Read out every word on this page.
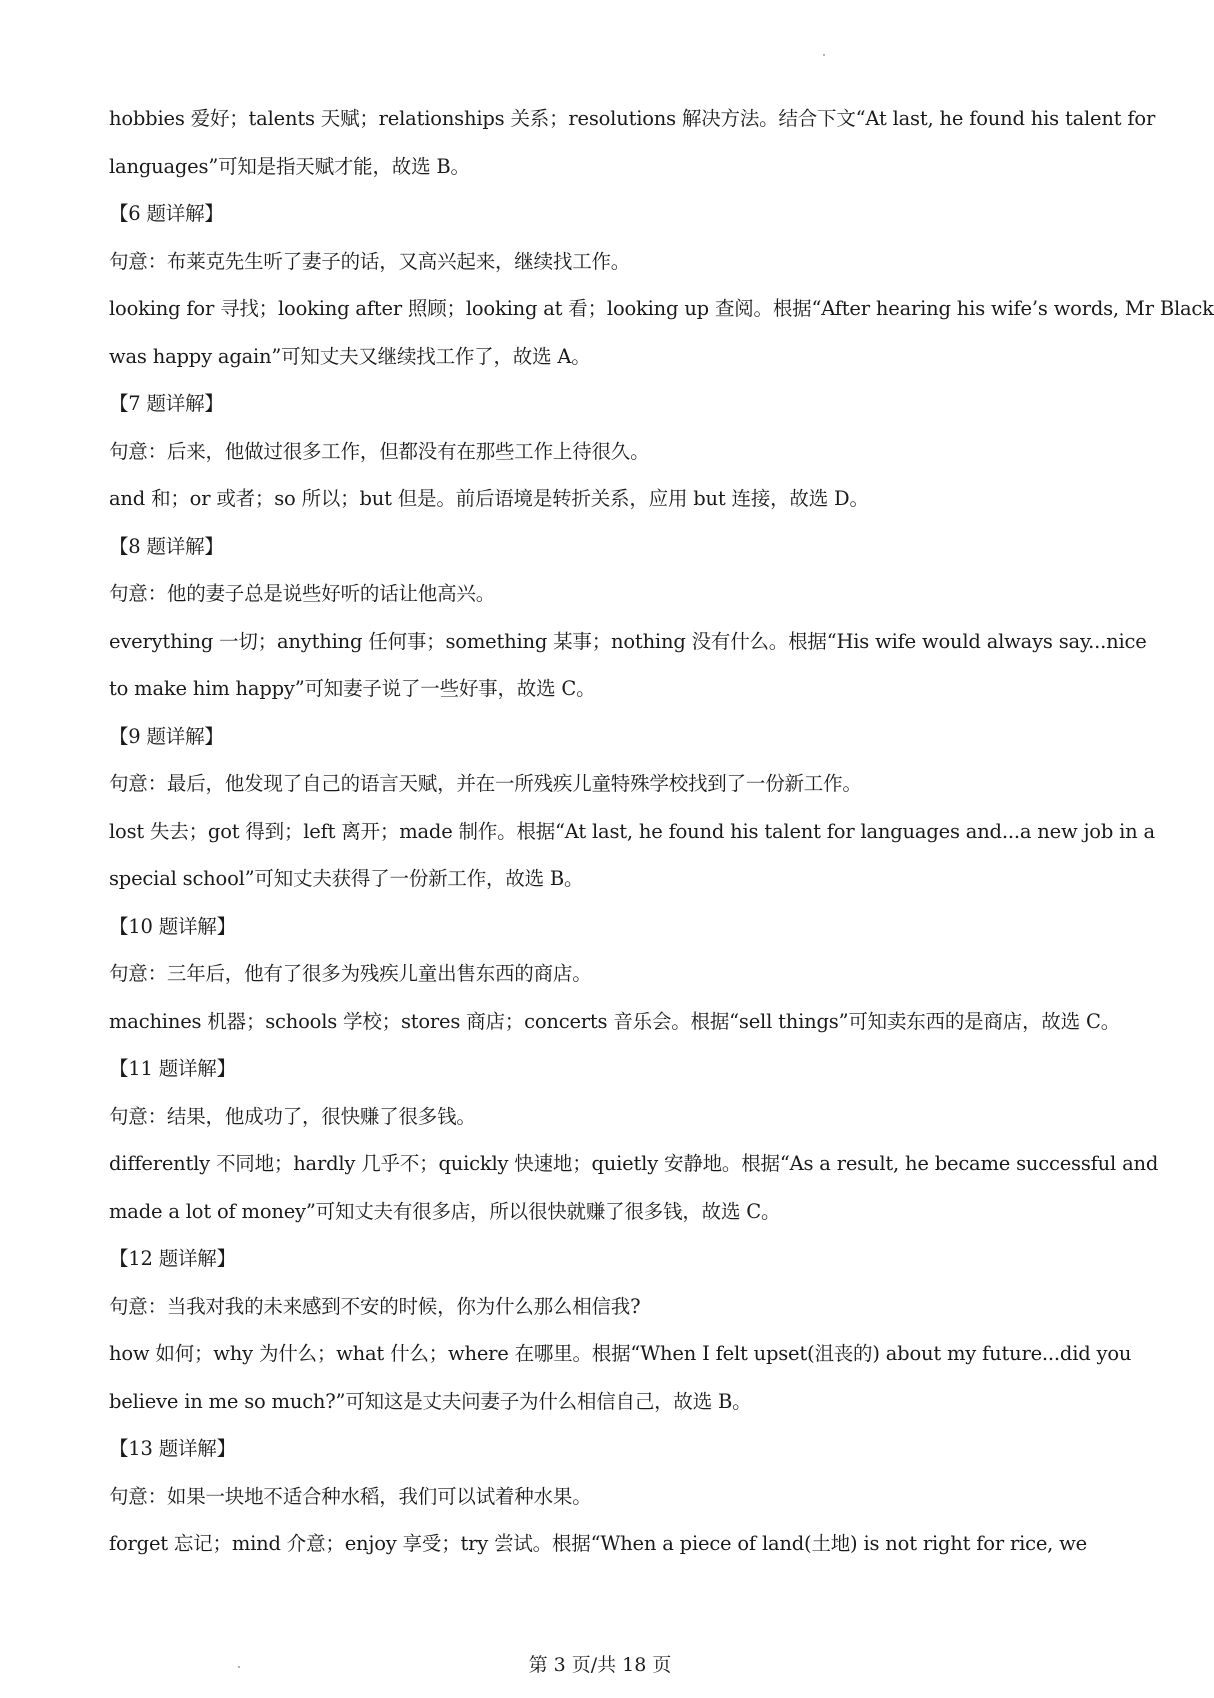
hobbies 爱好；talents 天赋；relationships 关系；resolutions 解决方法。结合下文“At last, he found his talent for
languages”可知是指天赋才能，故选 B。
【6 题详解】
句意：布莱克先生听了妻子的话，又高兴起来，继续找工作。
looking for 寻找；looking after 照顾；looking at 看；looking up 查阅。根据“After hearing his wife’s words, Mr Black
was happy again”可知丈夫又继续找工作了，故选 A。
【7 题详解】
句意：后来，他做过很多工作，但都没有在那些工作上待很久。
and 和；or 或者；so 所以；but 但是。前后语境是转折关系，应用 but 连接，故选 D。
【8 题详解】
句意：他的妻子总是说些好听的话让他高兴。
everything 一切；anything 任何事；something 某事；nothing 没有什么。根据“His wife would always say...nice
to make him happy”可知妻子说了一些好事，故选 C。
【9 题详解】
句意：最后，他发现了自己的语言天赋，并在一所残疾儿童特殊学校找到了一份新工作。
lost 失去；got 得到；left 离开；made 制作。根据“At last, he found his talent for languages and...a new job in a
special school”可知丈夫获得了一份新工作，故选 B。
【10 题详解】
句意：三年后，他有了很多为残疾儿童出售东西的商店。
machines 机器；schools 学校；stores 商店；concerts 音乐会。根据“sell things”可知卖东西的是商店，故选 C。
【11 题详解】
句意：结果，他成功了，很快赚了很多钱。
differently 不同地；hardly 几乎不；quickly 快速地；quietly 安静地。根据“As a result, he became successful and
made a lot of money”可知丈夫有很多店，所以很快就赚了很多钱，故选 C。
【12 题详解】
句意：当我对我的未来感到不安的时候，你为什么那么相信我?
how 如何；why 为什么；what 什么；where 在哪里。根据“When I felt upset(沮丧的) about my future...did you
believe in me so much?”可知这是丈夫问妻子为什么相信自己，故选 B。
【13 题详解】
句意：如果一块地不适合种水稻，我们可以试着种水果。
forget 忘记；mind 介意；enjoy 享受；try 尝试。根据“When a piece of land(土地) is not right for rice, we
第 3 页/共 18 页
